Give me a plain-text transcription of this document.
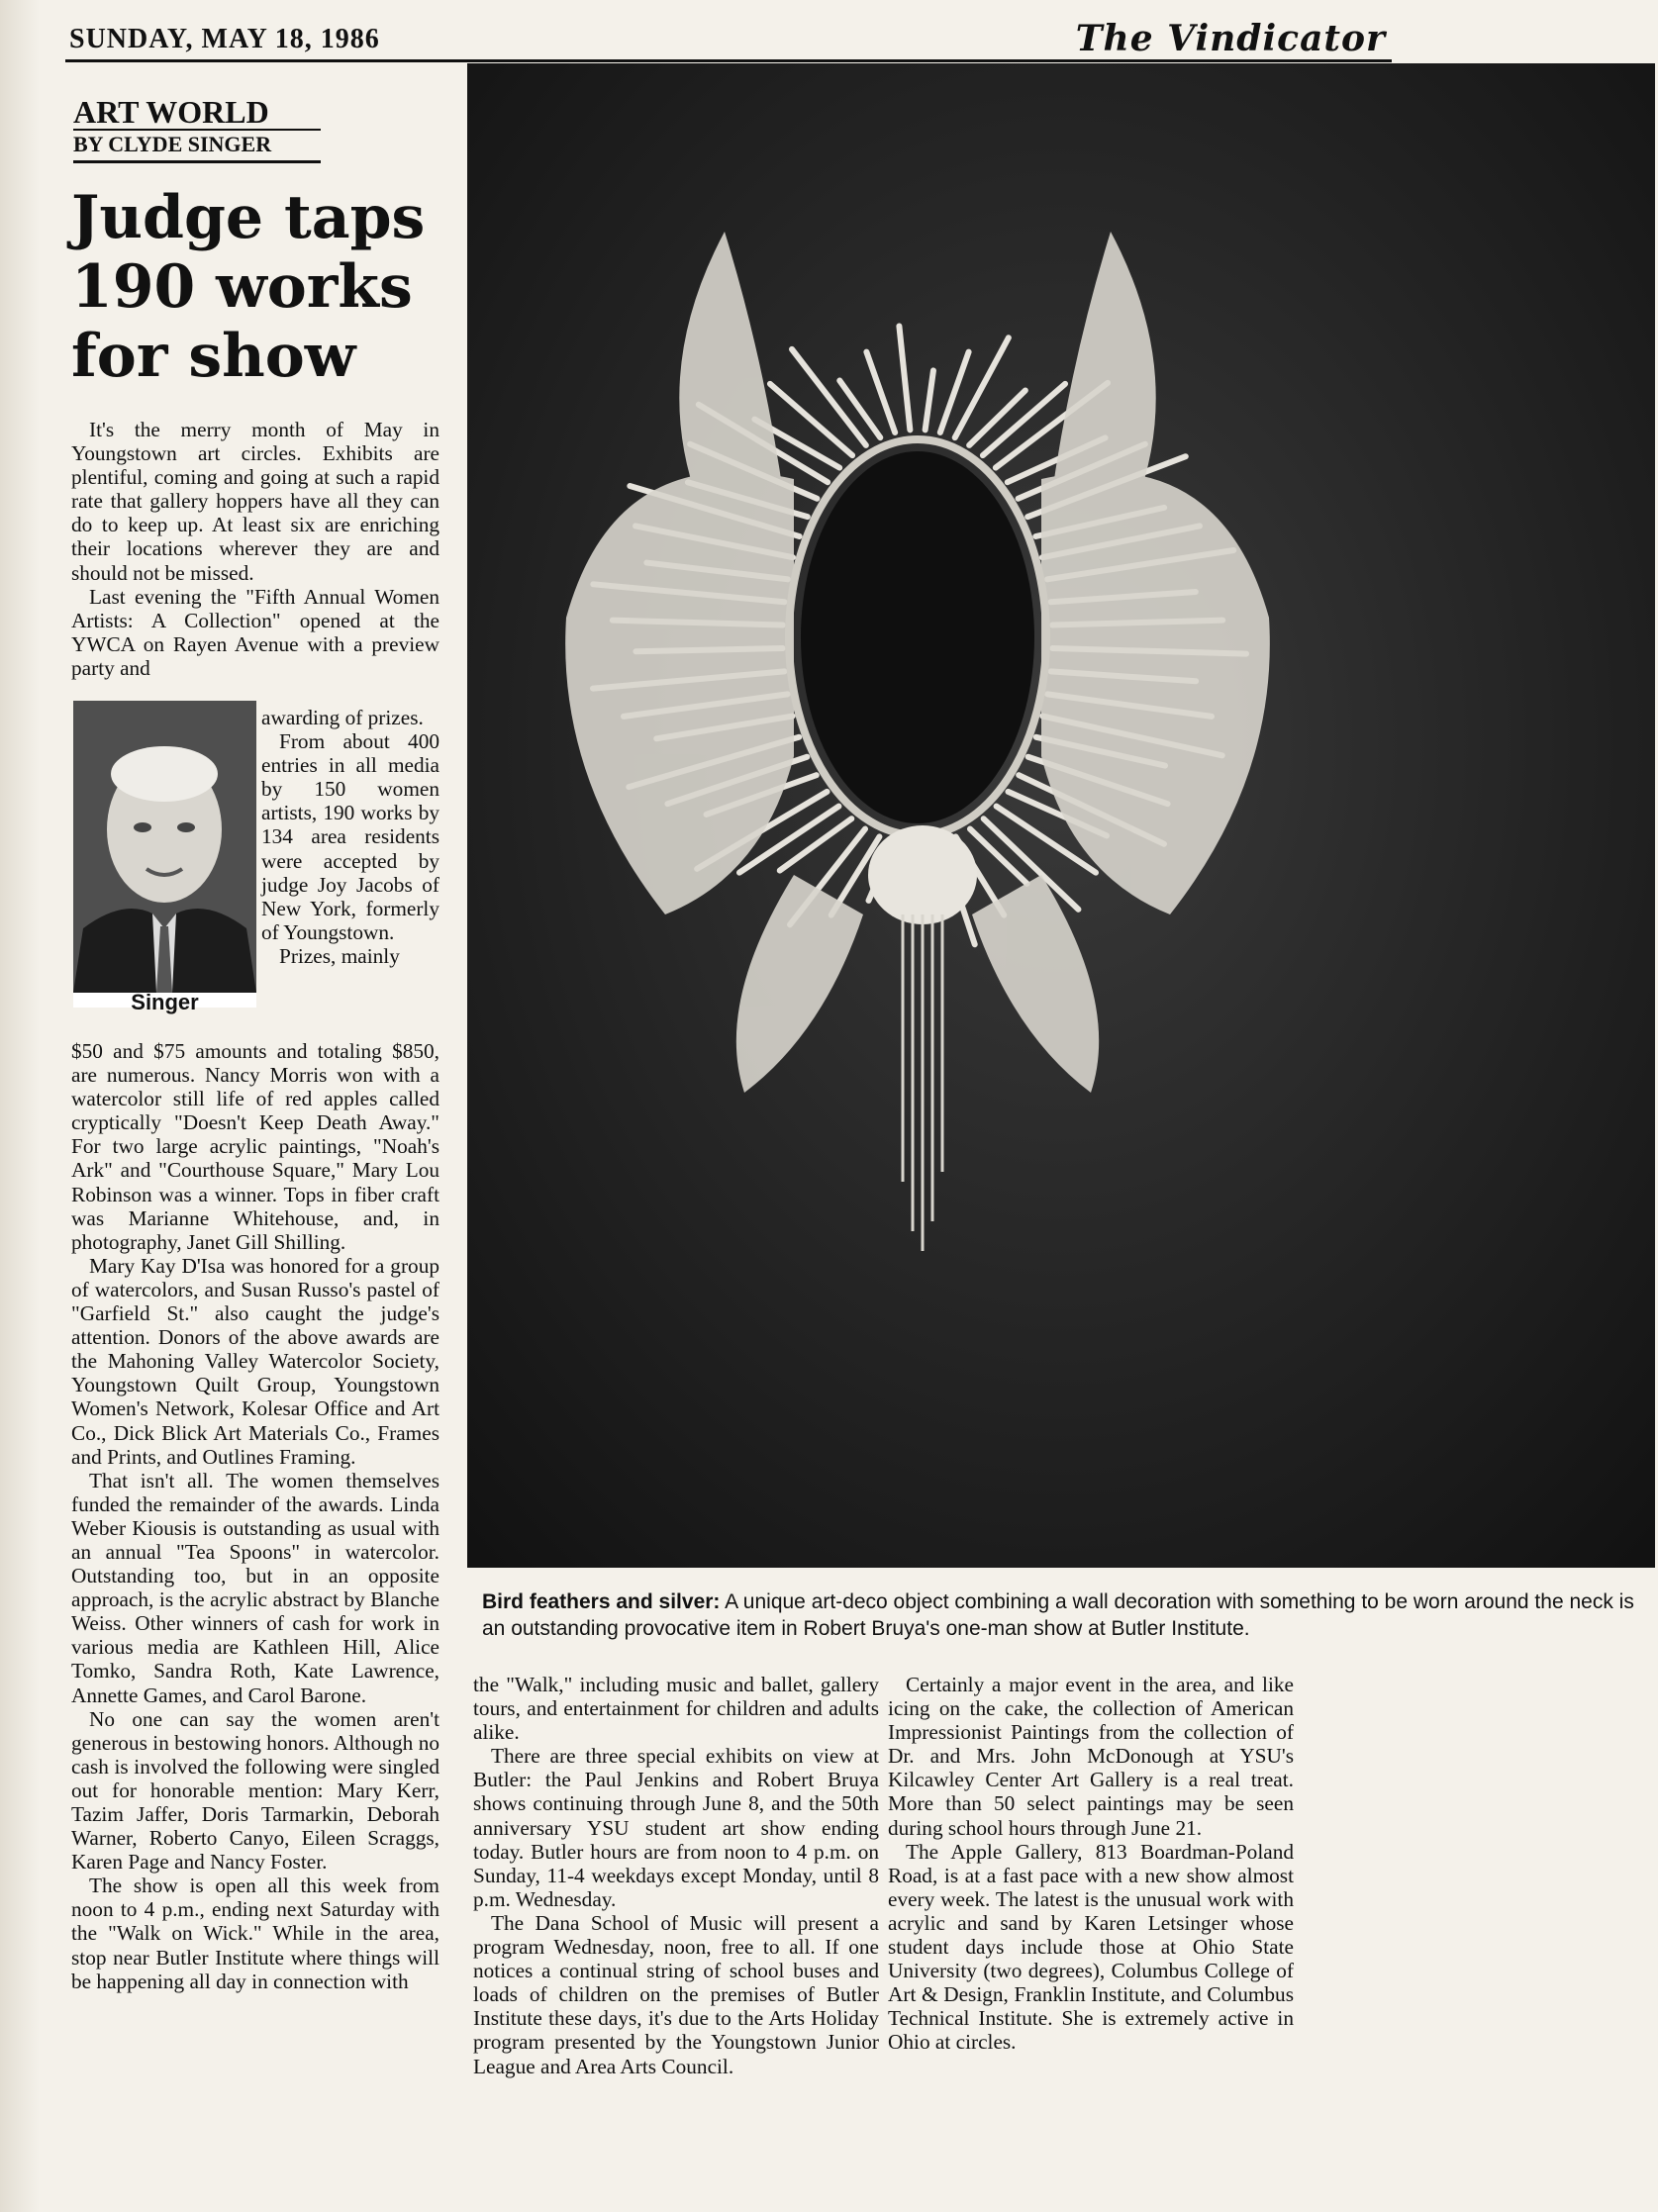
SUNDAY, MAY 18, 1986	The Vindicator
ART WORLD
BY CLYDE SINGER
Judge taps 190 works for show

It's the merry month of May in Youngstown art circles. Exhibits are plentiful, coming and going at such a rapid rate that gallery hoppers have all they can do to keep up. At least six are enriching their locations wherever they are and should not be missed.

Last evening the "Fifth Annual Women Artists: A Collection" opened at the YWCA on Rayen Avenue with a preview party and

Singer

awarding of prizes.

From about 400 entries in all media by 150 women artists, 190 works by 134 area residents were accepted by judge Joy Jacobs of New York, formerly of Youngstown.

Prizes, mainly

$50 and $75 amounts and totaling $850, are numerous. Nancy Morris won with a watercolor still life of red apples called cryptically "Doesn't Keep Death Away." For two large acrylic paintings, "Noah's Ark" and "Courthouse Square," Mary Lou Robinson was a winner. Tops in fiber craft was Marianne Whitehouse, and, in photography, Janet Gill Shilling.

Mary Kay D'Isa was honored for a group of watercolors, and Susan Russo's pastel of "Garfield St." also caught the judge's attention. Donors of the above awards are the Mahoning Valley Watercolor Society, Youngstown Quilt Group, Youngstown Women's Network, Kolesar Office and Art Co., Dick Blick Art Materials Co., Frames and Prints, and Outlines Framing.

That isn't all. The women themselves funded the remainder of the awards. Linda Weber Kiousis is outstanding as usual with an annual "Tea Spoons" in watercolor. Outstanding too, but in an opposite approach, is the acrylic abstract by Blanche Weiss. Other winners of cash for work in various media are Kathleen Hill, Alice Tomko, Sandra Roth, Kate Lawrence, Annette Games, and Carol Barone.

No one can say the women aren't generous in bestowing honors. Although no cash is involved the following were singled out for honorable mention: Mary Kerr, Tazim Jaffer, Doris Tarmarkin, Deborah Warner, Roberto Canyo, Eileen Scraggs, Karen Page and Nancy Foster.

The show is open all this week from noon to 4 p.m., ending next Saturday with the "Walk on Wick." While in the area, stop near Butler Institute where things will be happening all day in connection with

Bird feathers and silver: A unique art-deco object combining a wall decoration with something to be worn around the neck is an outstanding provocative item in Robert Bruya's one-man show at Butler Institute.

the "Walk," including music and ballet, gallery tours, and entertainment for children and adults alike.

There are three special exhibits on view at Butler: the Paul Jenkins and Robert Bruya shows continuing through June 8, and the 50th anniversary YSU student art show ending today. Butler hours are from noon to 4 p.m. on Sunday, 11-4 weekdays except Monday, until 8 p.m. Wednesday.

The Dana School of Music will present a program Wednesday, noon, free to all. If one notices a continual string of school buses and loads of children on the premises of Butler Institute these days, it's due to the Arts Holiday program presented by the Youngstown Junior League and Area Arts Council.

Certainly a major event in the area, and like icing on the cake, the collection of American Impressionist Paintings from the collection of Dr. and Mrs. John McDonough at YSU's Kilcawley Center Art Gallery is a real treat. More than 50 select paintings may be seen during school hours through June 21.

The Apple Gallery, 813 Boardman-Poland Road, is at a fast pace with a new show almost every week. The latest is the unusual work with acrylic and sand by Karen Letsinger whose student days include those at Ohio State University (two degrees), Columbus College of Art & Design, Franklin Institute, and Columbus Technical Institute. She is extremely active in Ohio at circles.
